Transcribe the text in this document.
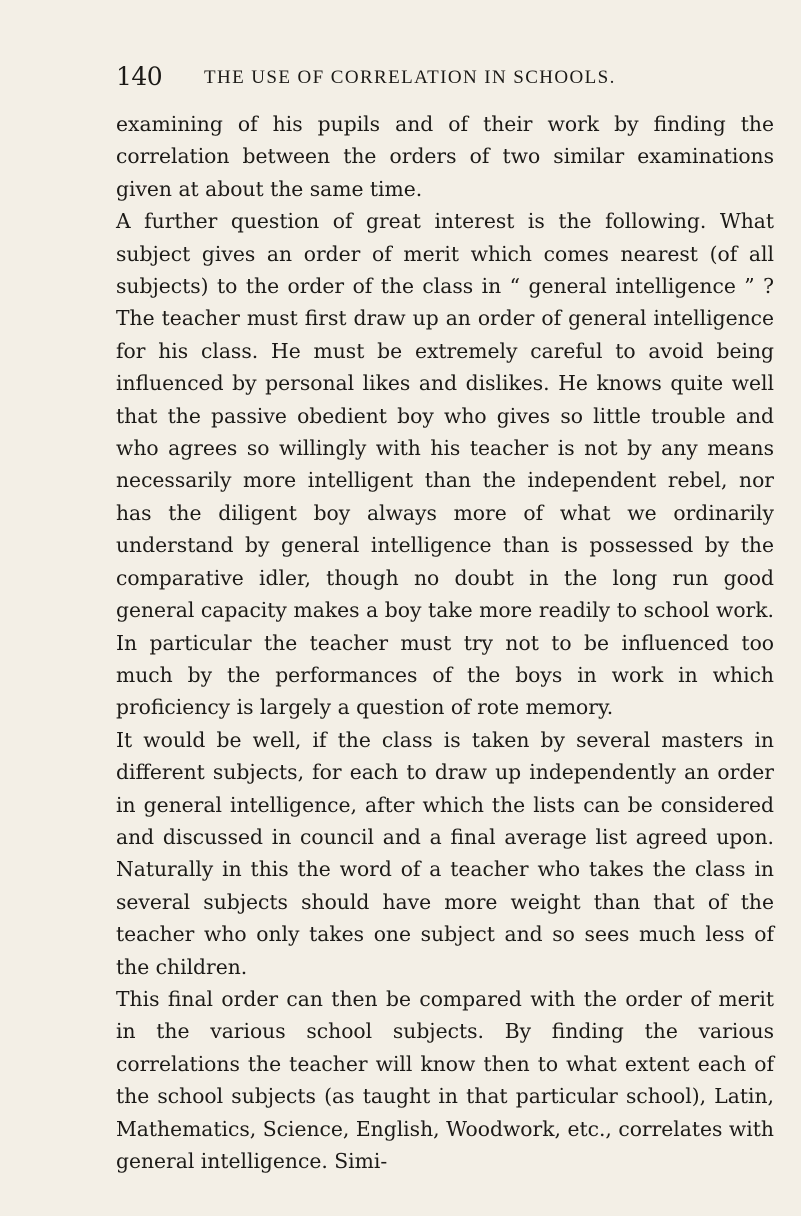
140 THE USE OF CORRELATION IN SCHOOLS.

examining of his pupils and of their work by finding the correlation between the orders of two similar examinations given at about the same time.

A further question of great interest is the following. What subject gives an order of merit which comes nearest (of all subjects) to the order of the class in “ general intelligence ” ? The teacher must first draw up an order of general intelligence for his class. He must be extremely careful to avoid being influenced by personal likes and dislikes. He knows quite well that the passive obedient boy who gives so little trouble and who agrees so willingly with his teacher is not by any means necessarily more intelligent than the independent rebel, nor has the diligent boy always more of what we ordinarily understand by general intelligence than is possessed by the comparative idler, though no doubt in the long run good general capacity makes a boy take more readily to school work. In particular the teacher must try not to be influenced too much by the performances of the boys in work in which proficiency is largely a question of rote memory.

It would be well, if the class is taken by several masters in different subjects, for each to draw up independently an order in general intelligence, after which the lists can be considered and discussed in council and a final average list agreed upon. Naturally in this the word of a teacher who takes the class in several subjects should have more weight than that of the teacher who only takes one subject and so sees much less of the children.

This final order can then be compared with the order of merit in the various school subjects. By finding the various correlations the teacher will know then to what extent each of the school subjects (as taught in that particular school), Latin, Mathematics, Science, English, Woodwork, etc., correlates with general intelligence. Simi-
